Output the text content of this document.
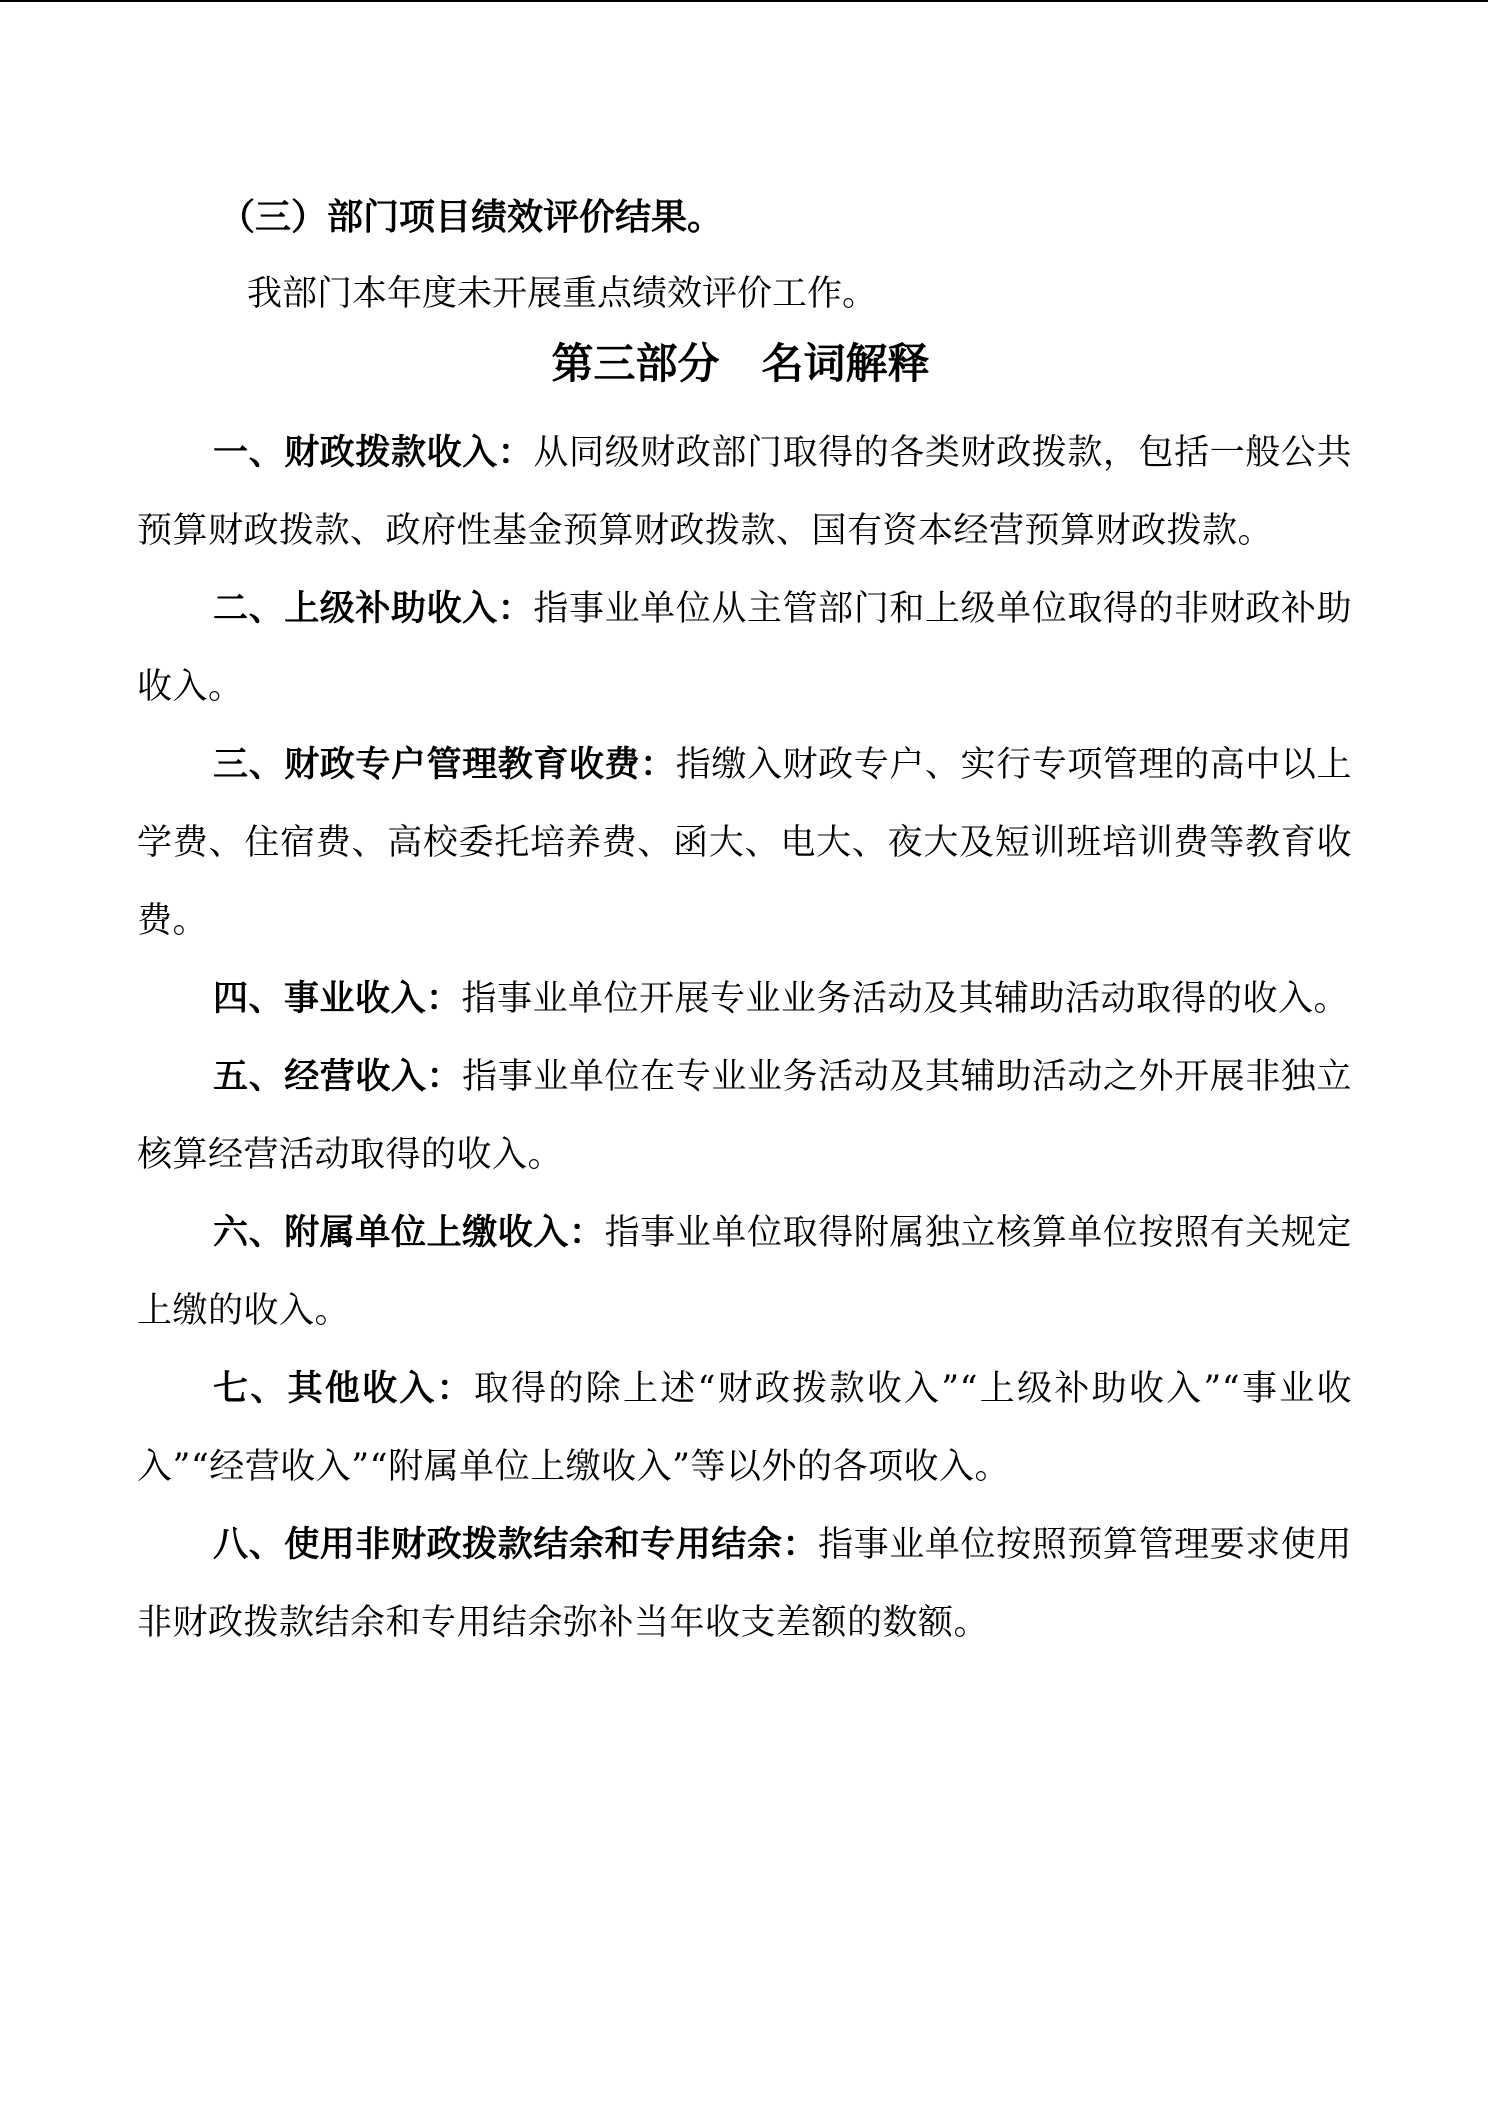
（三）部门项目绩效评价结果。

我部门本年度未开展重点绩效评价工作。

第三部分　名词解释

一、财政拨款收入：从同级财政部门取得的各类财政拨款，包括一般公共预算财政拨款、政府性基金预算财政拨款、国有资本经营预算财政拨款。

二、上级补助收入：指事业单位从主管部门和上级单位取得的非财政补助收入。

三、财政专户管理教育收费：指缴入财政专户、实行专项管理的高中以上学费、住宿费、高校委托培养费、函大、电大、夜大及短训班培训费等教育收费。

四、事业收入：指事业单位开展专业业务活动及其辅助活动取得的收入。

五、经营收入：指事业单位在专业业务活动及其辅助活动之外开展非独立核算经营活动取得的收入。

六、附属单位上缴收入：指事业单位取得附属独立核算单位按照有关规定上缴的收入。

七、其他收入：取得的除上述“财政拨款收入”“上级补助收入”“事业收入”“经营收入”“附属单位上缴收入”等以外的各项收入。

八、使用非财政拨款结余和专用结余：指事业单位按照预算管理要求使用非财政拨款结余和专用结余弥补当年收支差额的数额。
